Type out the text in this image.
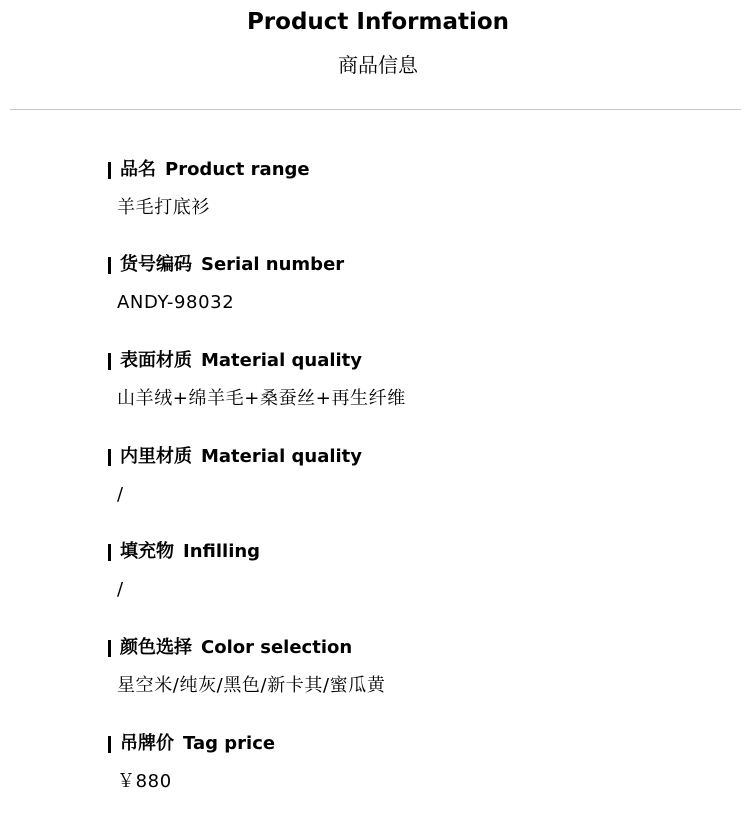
Product Information
商品信息
品名 Product range
羊毛打底衫
货号编码 Serial number
ANDY-98032
表面材质 Material quality
山羊绒+绵羊毛+桑蚕丝+再生纤维
内里材质 Material quality
/
填充物 Infilling
/
颜色选择 Color selection
星空米/纯灰/黑色/新卡其/蜜瓜黄
吊牌价 Tag price
￥880
